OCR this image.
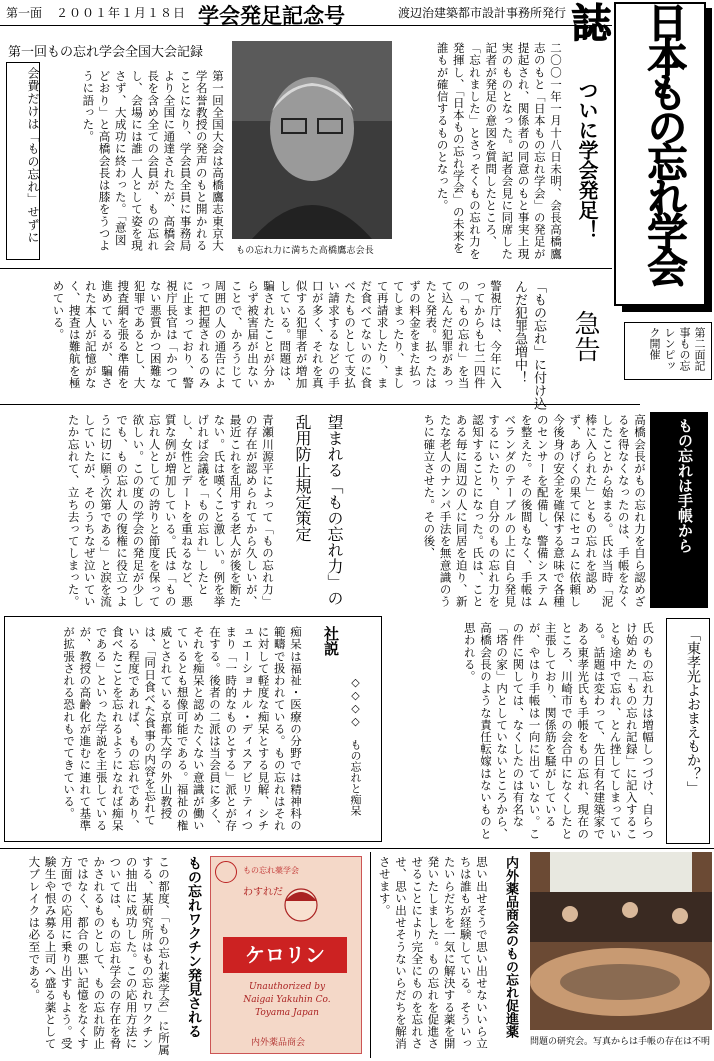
第一面 ２００１年１月１８日 学会発足記念号	渡辺治建築都市設計事務所発行	日本もの忘れ学会誌
第一回もの忘れ学会全国大会記録
もの忘れ力に満ちた高橋鷹志会長
第一回全国大会は高橋鷹志東京大学名誉教授の発声のもと開かれることになり、学会員全員に事務局より全国に通達されたが、高橋会長を含め全ての会員が、もの忘れし、会場には誰一人として姿を現さず、大成功に終わった。「意図どおり」と高橋会長は膝をうつように語った。
会費だけは「もの忘れ」せずに	ついに学会発足！
二〇〇一年一月十八日未明、会長高橋鷹志のもと「日本もの忘れ学会」の発足が提起され、関係者の同意のもと事実上現実のものとなった。記者会見に同席した記者が発足の意図を質問したところ、「忘れました」とさっそくもの忘れ力を発揮し、「日本もの忘れ学会」の未来を誰もが確信するものとなった。
第二面記事もの忘レンピック開催
急告
「もの忘れ」に付け込んだ犯罪急増中！
警視庁は、今年に入ってからも七二四件の「もの忘れ」を当て込んだ犯罪があったと発表。払ったはずの料金をまた払ってしまったり、まして再請求したり、まだ食べてないのに食べたものとして支払い請求するなどの手口が多く、それを真似する犯罪者が増加している。問題は、騙されたことが分からず被害届が出ないことで、かろうじて周囲の人の通告によって把握されるのみに止まっており、警視庁長官は「かつてない悪質かつ困難な犯罪であるとし、大捜査網を張る準備を進めているが、騙された本人が記憶がなく、捜査は難航を極めている。
もの忘れは手帳から
高橋会長がもの忘れ力を自ら認めざるを得なくなったのは、手帳をなくしたことから始まる。氏は当時「泥棒に入られた」ともの忘れを認めず、あげくの果てにセコムに依頼し今後身の安全を確保する意味で各種のセンサーを配備し、警備システムを整えた。その後間もなく、手帳はベランダのテーブルの上に自ら発見するにいたり、自分のもの忘れ力を認知することになった。氏は、ことある毎に周辺の人に同居を迫り、新たな老人のナンパ手法を無意識のうちに確立させた。その後、
望まれる「もの忘れ力」の乱用防止規定策定
青瀬川源平によって「もの忘れ力」の存在が認められてから久しいが、最近これを乱用する老人が後を断たない。氏は嘆くこと激しい。例を挙げれば会議を「もの忘れ」したとし、女性とデートを重ねるなど、悪質な例が増加している。氏は「もの忘れ人としての誇りと節度を保って欲しい。この度の学会の発足が少しでも、もの忘れ人の復権に役立つように切に願う次第である」と涙を流していたが、そのうちなぜ泣いていたか忘れて、立ち去ってしまった。
「東孝光よおまえもか？」
氏のもの忘れ力は増幅しつづけ、自らつけ始めた「もの忘れ記録」に記入することも途中で忘れ、とん挫してしまっている。話題は変わって、先日有名建築家である東孝光氏も手帳をもの忘れ、現在のところ、川崎市での会合中になくしたと主張しており、関係筋を騒がしているが、やはり手帳は一向に出ていない。この件に関しては、なくしたのは有名な「塔の家」内としていないところから、高橋会長のような責任転嫁はないものと思われる。
社説
◇◇◇◇　もの忘れと痴呆
痴呆は福祉・医療の分野では精神科の範疇で扱われている。もの忘れはそれに対して軽度な痴呆とする見解、シチュエーショナル・ディスアビリティつまり「一時的なものとする」派とが存在する。後者の二派は当会員に多く、それを痴呆と認めたくない意識が働いているとも想像可能である。福祉の権威とされている京都大学の外山教授は、「同日食べた食事の内容を忘れている程度であれば、もの忘れであり、食べたことを忘れるようになれば痴呆である」といった学説を主張しているが、教授の高齢化が進むに連れて基準が拡張される恐れもでてきている。
問題の研究会。写真からは手帳の存在は不明
内外薬品商会のもの忘れ促進薬
思い出せそうで思い出せないいら立ちは誰もが経験している。そういったいらだちを一気に解決する薬を開発いたしました。もの忘れを促進させることにより完全にものを忘れさせ、思い出せそうないらだちを解消させます。
もの忘れ薬学会
わすれだ
ケロリン
Unauthorized by
Naigai Yakuhin Co.
Toyama Japan
内外薬品商会
もの忘れワクチン発見される
この都度、「もの忘れ薬学会」に所属する、某研究所はもの忘れワクチンの抽出に成功した。この応用方法については、もの忘れ学会の存在を脅かされるものとして、もの忘れ防止ではなく、都合の悪い記憶をなくす方面での応用に乗り出すもよう。受験生や恨み募る上司へ盛る薬として大ブレイクは必至である。
